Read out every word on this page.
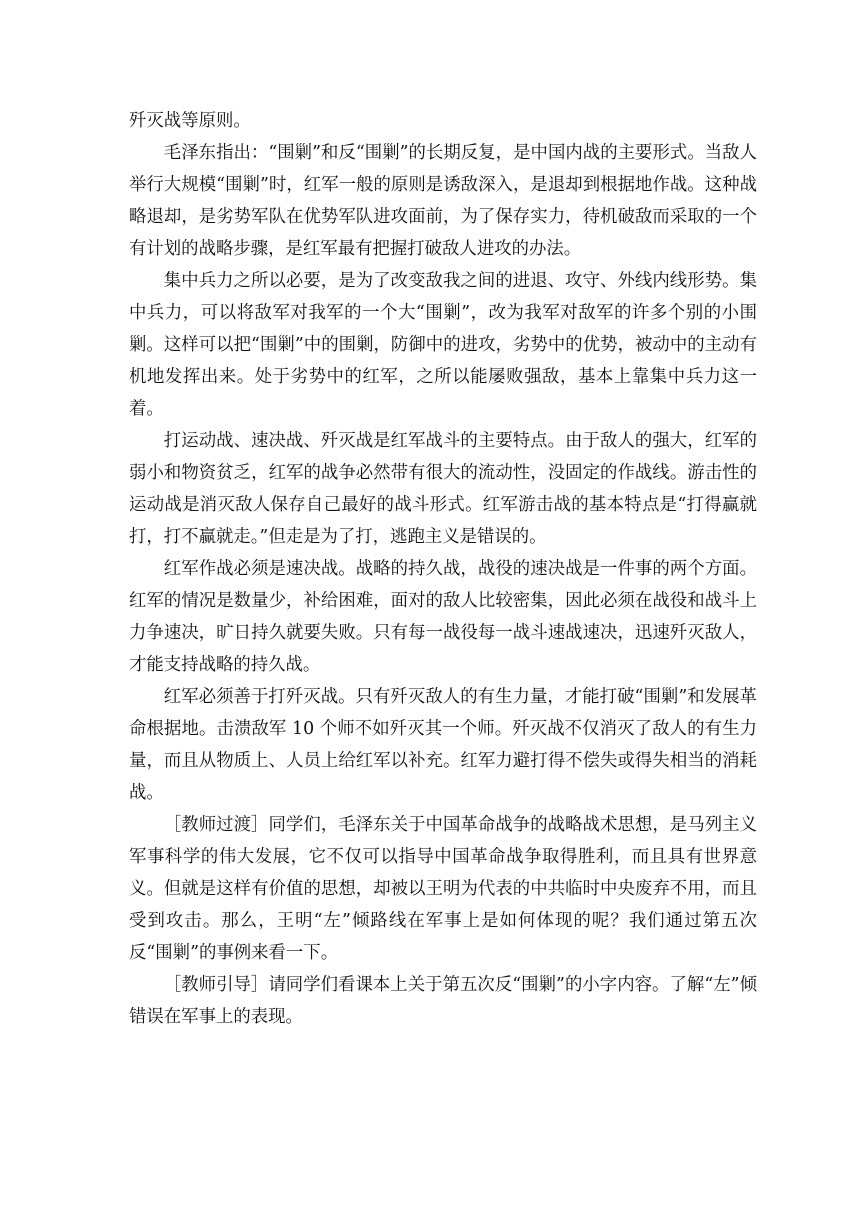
歼灭战等原则。

毛泽东指出：“围剿”和反“围剿”的长期反复，是中国内战的主要形式。当敌人举行大规模“围剿”时，红军一般的原则是诱敌深入，是退却到根据地作战。这种战略退却，是劣势军队在优势军队进攻面前，为了保存实力，待机破敌而采取的一个有计划的战略步骤，是红军最有把握打破敌人进攻的办法。

集中兵力之所以必要，是为了改变敌我之间的进退、攻守、外线内线形势。集中兵力，可以将敌军对我军的一个大“围剿”，改为我军对敌军的许多个别的小围剿。这样可以把“围剿”中的围剿，防御中的进攻，劣势中的优势，被动中的主动有机地发挥出来。处于劣势中的红军，之所以能屡败强敌，基本上靠集中兵力这一着。

打运动战、速决战、歼灭战是红军战斗的主要特点。由于敌人的强大，红军的弱小和物资贫乏，红军的战争必然带有很大的流动性，没固定的作战线。游击性的运动战是消灭敌人保存自己最好的战斗形式。红军游击战的基本特点是“打得赢就打，打不赢就走。”但走是为了打，逃跑主义是错误的。

红军作战必须是速决战。战略的持久战，战役的速决战是一件事的两个方面。红军的情况是数量少，补给困难，面对的敌人比较密集，因此必须在战役和战斗上力争速决，旷日持久就要失败。只有每一战役每一战斗速战速决，迅速歼灭敌人，才能支持战略的持久战。

红军必须善于打歼灭战。只有歼灭敌人的有生力量，才能打破“围剿”和发展革命根据地。击溃敌军 10 个师不如歼灭其一个师。歼灭战不仅消灭了敌人的有生力量，而且从物质上、人员上给红军以补充。红军力避打得不偿失或得失相当的消耗战。

［教师过渡］同学们，毛泽东关于中国革命战争的战略战术思想，是马列主义军事科学的伟大发展，它不仅可以指导中国革命战争取得胜利，而且具有世界意义。但就是这样有价值的思想，却被以王明为代表的中共临时中央废弃不用，而且受到攻击。那么，王明“左”倾路线在军事上是如何体现的呢？我们通过第五次反“围剿”的事例来看一下。

［教师引导］请同学们看课本上关于第五次反“围剿”的小字内容。了解“左”倾错误在军事上的表现。
